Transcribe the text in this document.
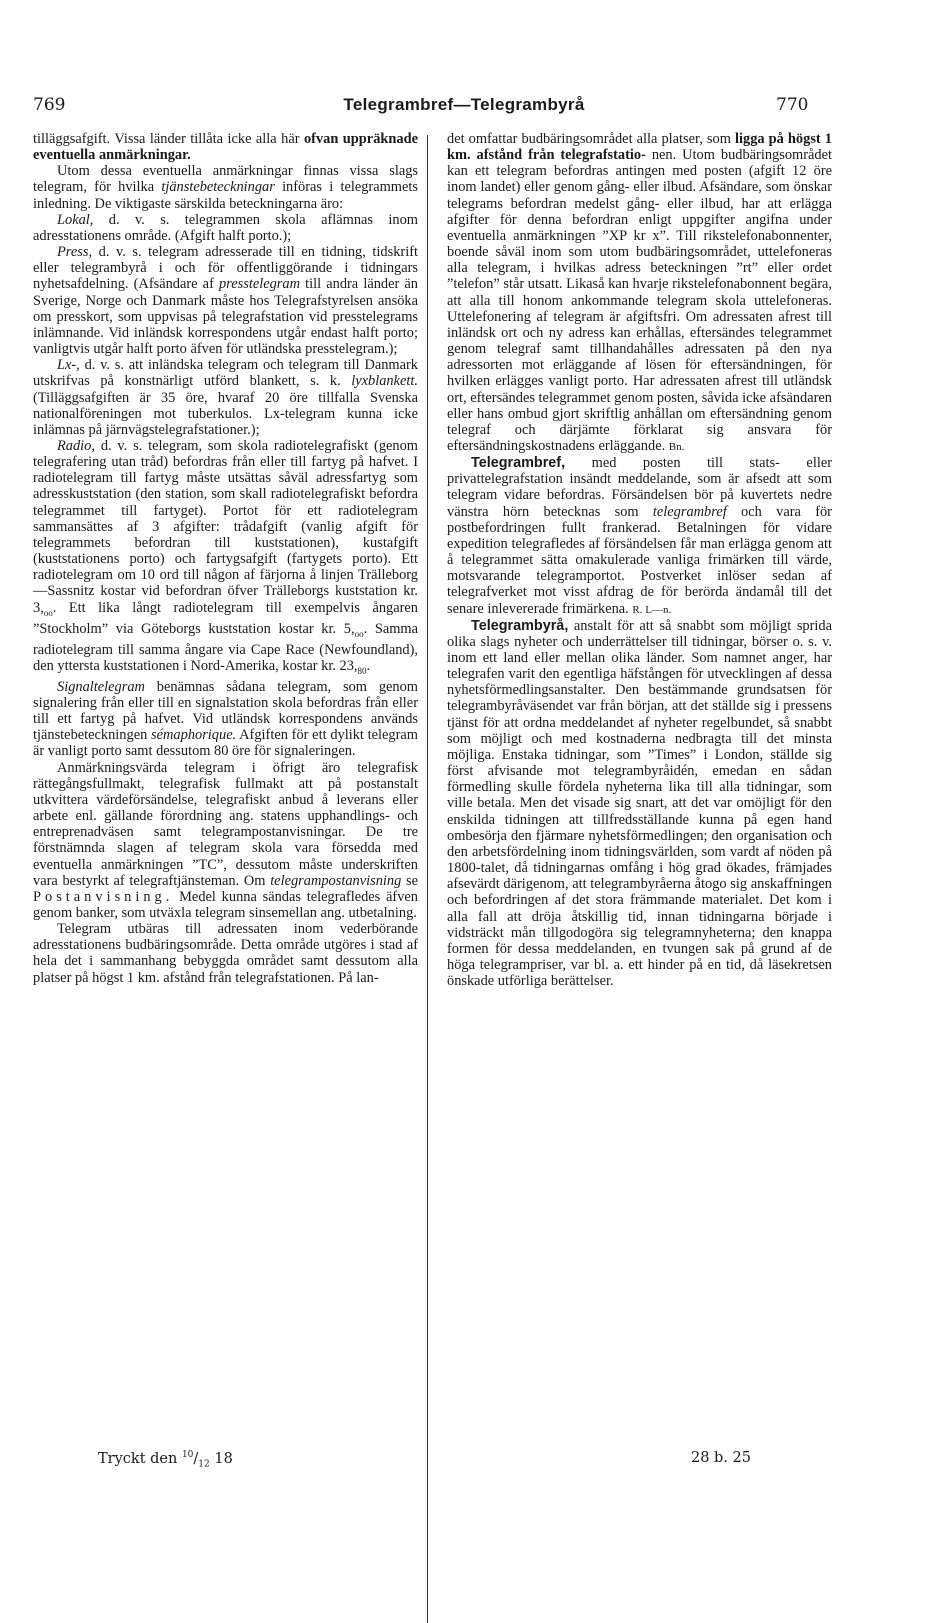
769	Telegrambref—Telegrambyrå	770

tilläggsafgift. Vissa länder tillåta icke alla här ofvan uppräknade eventuella anmärkningar.

Utom dessa eventuella anmärkningar finnas vissa slags telegram, för hvilka tjänstebeteckningar införas i telegrammets inledning. De viktigaste särskilda beteckningarna äro:

Lokal, d. v. s. telegrammen skola aflämnas inom adresstationens område. (Afgift halft porto.);

Press, d. v. s. telegram adresserade till en tidning, tidskrift eller telegrambyrå i och för offentliggörande i tidningars nyhetsafdelning. (Afsändare af presstelegram till andra länder än Sverige, Norge och Danmark måste hos Telegrafstyrelsen ansöka om presskort, som uppvisas på telegrafstation vid presstelegrams inlämnande. Vid inländsk korrespondens utgår endast halft porto; vanligtvis utgår halft porto äfven för utländska presstelegram.);

Lx-, d. v. s. att inländska telegram och telegram till Danmark utskrifvas på konstnärligt utförd blankett, s. k. lyxblankett. (Tilläggsafgiften är 35 öre, hvaraf 20 öre tillfalla Svenska nationalföreningen mot tuberkulos. Lx-telegram kunna icke inlämnas på järnvägstelegrafstationer.);

Radio, d. v. s. telegram, som skola radiotelegrafiskt (genom telegrafering utan tråd) befordras från eller till fartyg på hafvet. I radiotelegram till fartyg måste utsättas såväl adressfartyg som adresskuststation (den station, som skall radiotelegrafiskt befordra telegrammet till fartyget). Portot för ett radiotelegram sammansättes af 3 afgifter: trådafgift (vanlig afgift för telegrammets befordran till kuststationen), kustafgift (kuststationens porto) och fartygsafgift (fartygets porto). Ett radiotelegram om 10 ord till någon af färjorna å linjen Trälleborg—Sassnitz kostar vid befordran öfver Trälleborgs kuststation kr. $3,_{oo}$. Ett lika långt radiotelegram till exempelvis ångaren ”Stockholm” via Göteborgs kuststation kostar kr. $5,_{oo}$. Samma radiotelegram till samma ångare via Cape Race (Newfoundland), den yttersta kuststationen i Nord-Amerika, kostar kr. $23,_{80}$.

Signaltelegram benämnas sådana telegram, som genom signalering från eller till en signalstation skola befordras från eller till ett fartyg på hafvet. Vid utländsk korrespondens används tjänstebeteckningen sémaphorique. Afgiften för ett dylikt telegram är vanligt porto samt dessutom 80 öre för signaleringen.

Anmärkningsvärda telegram i öfrigt äro telegrafisk rättegångsfullmakt, telegrafisk fullmakt att på postanstalt utkvittera värdeförsändelse, telegrafiskt anbud å leverans eller arbete enl. gällande förordning ang. statens upphandlings- och entreprenadväsen samt telegrampostanvisningar. De tre förstnämnda slagen af telegram skola vara försedda med eventuella anmärkningen ”TC”, dessutom måste underskriften vara bestyrkt af telegraftjänsteman. Om telegrampostanvisning se Postanvisning. Medel kunna sändas telegrafledes äfven genom banker, som utväxla telegram sinsemellan ang. utbetalning.

Telegram utbäras till adressaten inom vederbörande adresstationens budbäringsområde. Detta område utgöres i stad af hela det i sammanhang bebyggda området samt dessutom alla platser på högst 1 km. afstånd från telegrafstationen. På lan-

det omfattar budbäringsområdet alla platser, som ligga på högst 1 km. afstånd från telegrafstatio- nen. Utom budbäringsområdet kan ett telegram befordras antingen med posten (afgift 12 öre inom landet) eller genom gång- eller ilbud. Afsändare, som önskar telegrams befordran medelst gång- eller ilbud, har att erlägga afgifter för denna befordran enligt uppgifter angifna under eventuella anmärkningen ”XP kr x”. Till rikstelefonabonnenter, boende såväl inom som utom budbäringsområdet, uttelefoneras alla telegram, i hvilkas adress beteckningen ”rt” eller ordet ”telefon” står utsatt. Likaså kan hvarje rikstelefonabonnent begära, att alla till honom ankommande telegram skola uttelefoneras. Uttelefonering af telegram är afgiftsfri. Om adressaten afrest till inländsk ort och ny adress kan erhållas, eftersändes telegrammet genom telegraf samt tillhandahålles adressaten på den nya adressorten mot erläggande af lösen för eftersändningen, för hvilken erlägges vanligt porto. Har adressaten afrest till utländsk ort, eftersändes telegrammet genom posten, såvida icke afsändaren eller hans ombud gjort skriftlig anhållan om eftersändning genom telegraf och därjämte förklarat sig ansvara för eftersändningskostnadens erläggande. Bn.

Telegrambref, med posten till stats- eller privattelegrafstation insändt meddelande, som är afsedt att som telegram vidare befordras. Försändelsen bör på kuvertets nedre vänstra hörn betecknas som telegrambref och vara för postbefordringen fullt frankerad. Betalningen för vidare expedition telegrafledes af försändelsen får man erlägga genom att å telegrammet sätta omakulerade vanliga frimärken till värde, motsvarande telegramportot. Postverket inlöser sedan af telegrafverket mot visst afdrag de för berörda ändamål till det senare inlevererade frimärkena. R. L—n.

Telegrambyrå, anstalt för att så snabbt som möjligt sprida olika slags nyheter och underrättelser till tidningar, börser o. s. v. inom ett land eller mellan olika länder. Som namnet anger, har telegrafen varit den egentliga häfstången för utvecklingen af dessa nyhetsförmedlingsanstalter. Den bestämmande grundsatsen för telegrambyråväsendet var från början, att det ställde sig i pressens tjänst för att ordna meddelandet af nyheter regelbundet, så snabbt som möjligt och med kostnaderna nedbragta till det minsta möjliga. Enstaka tidningar, som ”Times” i London, ställde sig först afvisande mot telegrambyråidén, emedan en sådan förmedling skulle fördela nyheterna lika till alla tidningar, som ville betala. Men det visade sig snart, att det var omöjligt för den enskilda tidningen att tillfredsställande kunna på egen hand ombesörja den fjärmare nyhetsförmedlingen; den organisation och den arbetsfördelning inom tidningsvärlden, som vardt af nöden på 1800-talet, då tidningarnas omfång i hög grad ökades, främjades afsevärdt därigenom, att telegrambyråerna åtogo sig anskaffningen och befordringen af det stora främmande materialet. Det kom i alla fall att dröja åtskillig tid, innan tidningarna började i vidsträckt mån tillgodogöra sig telegramnyheterna; den knappa formen för dessa meddelanden, en tvungen sak på grund af de höga telegrampriser, var bl. a. ett hinder på en tid, då läsekretsen önskade utförliga berättelser.

Tryckt den $^{10}/_{12}$ 18	28 b. 25
